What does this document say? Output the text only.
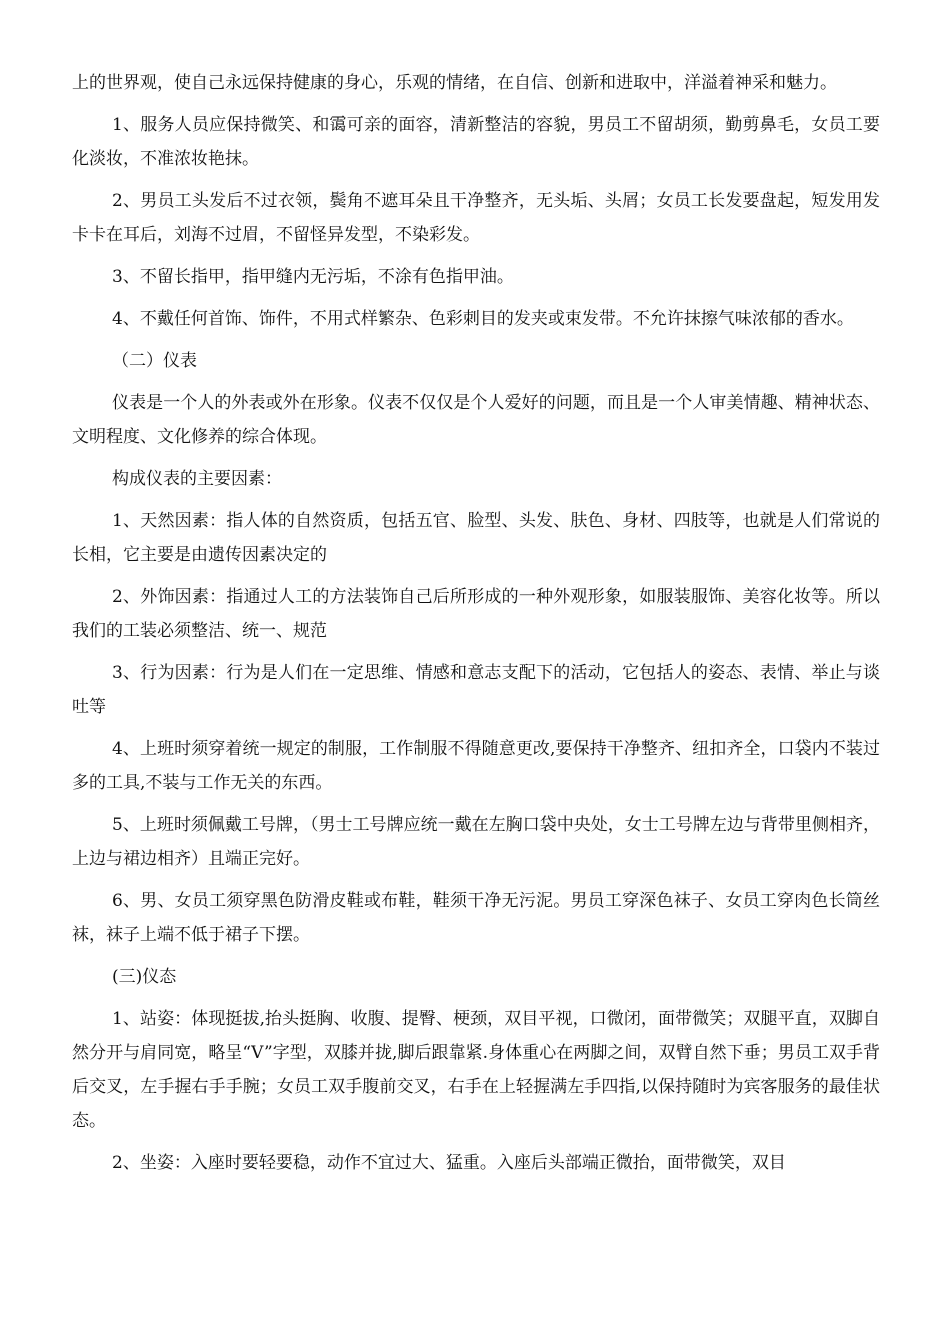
上的世界观，使自己永远保持健康的身心，乐观的情绪，在自信、创新和进取中，洋溢着神采和魅力。

1、服务人员应保持微笑、和霭可亲的面容，清新整洁的容貌，男员工不留胡须，勤剪鼻毛，女员工要化淡妆，不准浓妆艳抹。

2、男员工头发后不过衣领，鬓角不遮耳朵且干净整齐，无头垢、头屑；女员工长发要盘起，短发用发卡卡在耳后，刘海不过眉，不留怪异发型，不染彩发。

3、不留长指甲，指甲缝内无污垢，不涂有色指甲油。

4、不戴任何首饰、饰件，不用式样繁杂、色彩刺目的发夹或束发带。不允许抹擦气味浓郁的香水。

（二）仪表

仪表是一个人的外表或外在形象。仪表不仅仅是个人爱好的问题，而且是一个人审美情趣、精神状态、文明程度、文化修养的综合体现。

构成仪表的主要因素：

1、天然因素：指人体的自然资质，包括五官、脸型、头发、肤色、身材、四肢等，也就是人们常说的长相，它主要是由遗传因素决定的

2、外饰因素：指通过人工的方法装饰自己后所形成的一种外观形象，如服装服饰、美容化妆等。所以我们的工装必须整洁、统一、规范

3、行为因素：行为是人们在一定思维、情感和意志支配下的活动，它包括人的姿态、表情、举止与谈吐等

4、上班时须穿着统一规定的制服，工作制服不得随意更改,要保持干净整齐、纽扣齐全，口袋内不装过多的工具,不装与工作无关的东西。

5、上班时须佩戴工号牌，（男士工号牌应统一戴在左胸口袋中央处，女士工号牌左边与背带里侧相齐，上边与裙边相齐）且端正完好。

6、男、女员工须穿黑色防滑皮鞋或布鞋，鞋须干净无污泥。男员工穿深色袜子、女员工穿肉色长筒丝袜，袜子上端不低于裙子下摆。

(三)仪态

1、站姿：体现挺拔,抬头挺胸、收腹、提臀、梗颈，双目平视，口微闭，面带微笑；双腿平直，双脚自然分开与肩同宽，略呈“V”字型，双膝并拢,脚后跟靠紧.身体重心在两脚之间，双臂自然下垂；男员工双手背后交叉，左手握右手手腕；女员工双手腹前交叉，右手在上轻握满左手四指,以保持随时为宾客服务的最佳状态。

2、坐姿：入座时要轻要稳，动作不宜过大、猛重。入座后头部端正微抬，面带微笑，双目
